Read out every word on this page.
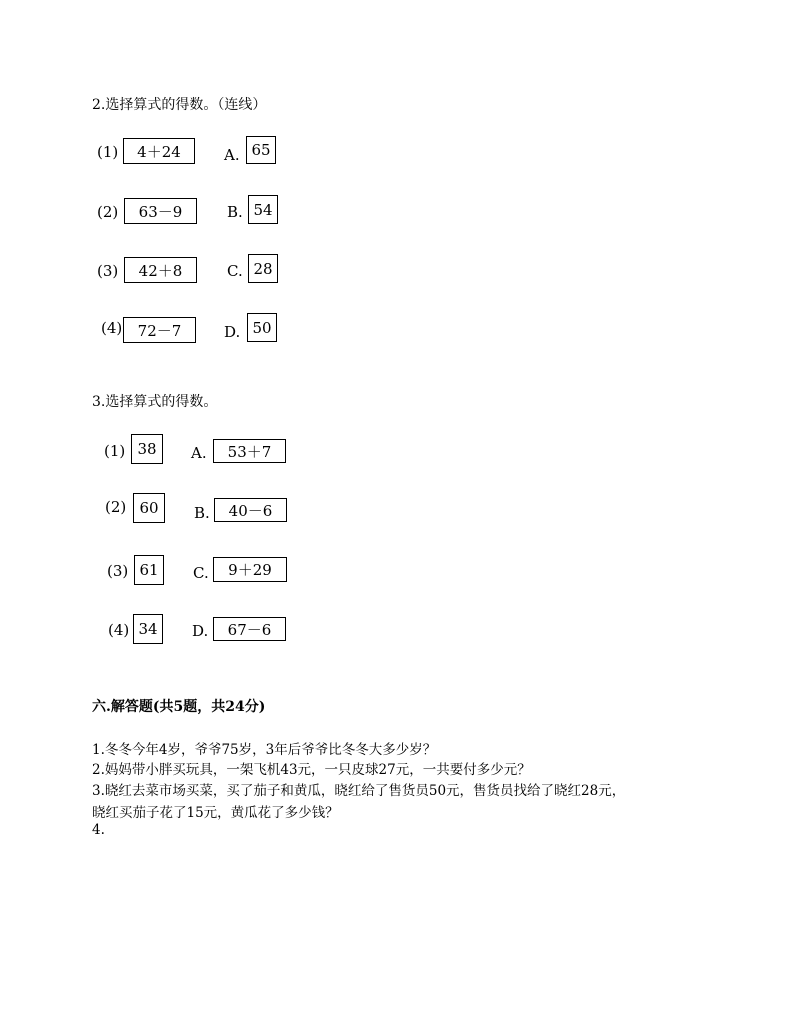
2.选择算式的得数。（连线）
(1)	4＋24	A. 65
(2)	63－9	B. 54
(3)	42＋8	C. 28
(4)	72－7	D. 50
3.选择算式的得数。
(1) 38	A.	53＋7
(2) 60	B.	40－6
(3) 61	C.	9＋29
(4) 34	D.	67－6
六.解答题(共5题，共24分)
1.冬冬今年4岁，爷爷75岁，3年后爷爷比冬冬大多少岁？
2.妈妈带小胖买玩具，一架飞机43元，一只皮球27元，一共要付多少元？
3.晓红去菜市场买菜，买了茄子和黄瓜，晓红给了售货员50元，售货员找给了晓红28元，
晓红买茄子花了15元，黄瓜花了多少钱？
4.
